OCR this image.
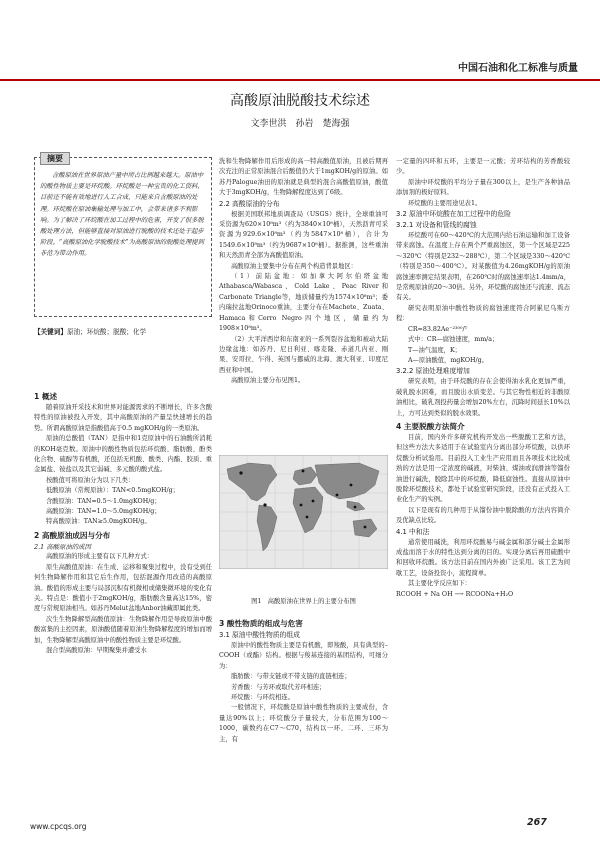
中国石油和化工标准与质量
高酸原油脱酸技术综述
文李世洪　孙岩　楚海强
摘要
含酸原油在世界原油产量中所占比例越来越大。原油中的酸性物质主要是环烷酸。环烷酸是一种宝贵的化工资料，目前还不能有效地进行人工合成，只能来自含酸原油的处理。环烷酸在原油集输处理与加工中，会带来诸多不利影响。为了解决了环烷酸在加工过程中的危害，开发了很多脱酸处理方法，但能够直接对原油进行脱酸的技术还处于起步阶段。“高酸原油化学脱酸技术”为高酸原油的脱酸处理提到非范为带动作用。
【关键词】原油；环烷酸；脱酸；化学
1 概述

随着原油开采技术和世界对能源需求的不断增长，许多含酸特性的原油被投入开发，其中高酸原油的产量呈快速增长的趋势。所谓高酸原油是指酸值高于0.5 mgKOH/g的一类原油。

原油的总酸值（TAN）是指中和1克原油中的石油酸所消耗的KOH毫克数。原油中的酸性物质包括环烷酸、脂肪酸、酚类化合物、硫醇等有机酸，还包括无机酸、酸类、内酯、胶质、重金属盐、铵盐以及其它弱碱、多元酸的酸式盐。

按酸值可将原油分为以下几类：

低酸原油（常规原油）：TAN<0.5mgKOH/g；

含酸原油：TAN=0.5～1.0mgKOH/g；

高酸原油：TAN=1.0～5.0mgKOH/g；

特高酸原油：TAN≥5.0mgKOH/g。

2 高酸原油成因与分布
2.1 高酸原油的成因

高酸原油的形成主要有以下几种方式：

原生高酸值原油：在生成、运移和聚集过程中，没有受到任何生物降解作用和其它后生作用，包括混源作用改造的高酸原油。酸值的形成主要与局部沉积有机微相或储集微环境的变化有关。特点是：酸值小于2mgKOH/g，脂肪酸含量高达15%，密度与常规原油相当。如苏丹Melut盆地Anbor油藏即属此类。

次生生物降解型高酸值原油：生物降解作用是导致原油中酸酸富集的主控因素，原油酸值随着原油生物降解程度的增加而增加，生物降解型高酸原油中的酸性物质主要是环烷酸。

混合型高酸原油：早期聚集并遭受水

洗和生物降解作用后形成的高一特高酸值原油，且被后期再次充注的正常原油混合后酸值仍大于1mgKOH/g的原油。如苏丹Palogue油田的原油就是典型的混合高酸值原油，酸值大于3mgKOH/g，生物降解程度达到了6级。

2.2 高酸原油的分布

根据美国联邦地质调查局（USGS）统计，全球重油可采资源为620×10⁸m³（约为3840×10⁸桶），天然沥青可采资源为929.6×10⁸m³（约为5847×10⁸桶），合计为1549.6×10⁸m³（约为9687×10⁸桶）。据推测，这些重油和天然沥青全部为高酸值原油。

高酸原油主要集中分布在两个构造背景地区：

（1）前陆盆地：如加拿大阿尔伯塔盆地Athabasca/Wabasca、Cold Lake、Peac River和Carbonate Triangle等，地质储量约为1574×10⁸m³；委内瑞拉盆地Orinoco重油，主要分布在Machete、Zuata、Hamaca和Cerro Negro四个地区，储量约为1908×10⁸m³。

（2）大平洋西岸和东南亚的一系列裂谷盆地和被动大陆边缘盆地：如苏丹、尼日利亚、喀麦隆、赤道几内亚、刚果、安哥拉、乍得、英国与挪威的北海、澳大利亚、印度尼西亚和中国。

高酸原油主要分布见图1。

图1　高酸原油在世界上的主要分布图
3 酸性物质的组成与危害
3.1 原油中酸性物质的组成

原油中的酸性物质主要是有机酸，即羧酸，具有典型的–COOH（或酯）结构。根据与羧基连接的基团结构，可细分为：

脂肪酸：与带支链或不带支链的直链相连；

芳香酸：与芳环或取代芳环相连；

环烷酸：与环烷相连。

一般情况下，环烷酸是原油中酸性物质的主要成份，含量达90%以上；环烷酸分子量较大，分布范围为100～1000，碳数约在C7～C70，结构以一环、二环、三环为主，有

一定量的四环和五环，主要是一元酸；芳环结构的芳香酸较少。

原油中环烷酸的平均分子量在300以上，是生产各种油品添加剂的极好原料。

环烷酸的主要用途见表1。

3.2 原油中环烷酸在加工过程中的危险
3.2.1 对设备和管线的腐蚀

环烷酸可在60～420℃的大范围内给石油运输和加工设备带来腐蚀。在温度上存在两个严重腐蚀区，第一个区域是225～320℃（特别是232～288℃），第二个区域是330～420℃（特别是350～400℃）。对某酸值为4.26mgKOH/g的原油腐蚀速率测定结果表明，在260℃时的腐蚀速率达1.4mm/a，是常规原油的20～30倍。另外，环烷酸的腐蚀还与流速、流态有关。

研究表明原油中酸性物质的腐蚀速度符合阿累尼乌斯方程：

CR=83.82Ae⁻²³⁰⁰/ᵀ

式中：CR—腐蚀速度，mm/a；

T—油气温度，K；

A—原油酸值，mgKOH/g。

3.2.2 原油处理难度增加

研究表明，由于环烷酸的存在会使得油水乳化更加严重，破乳脱水困难，而且脱出水质变差。与其它物性相近的非酸原油相比，破乳剂投药量会增加20%左右，沉降时间延长10%以上，方可达到类似的脱水效果。

4 主要脱酸方法简介

目前，国内外许多研究机构开发出一些脱酸工艺和方法，但这些方法大多适用于在试验室内分离出部分环烷酸，以供环烷酸分析试验用。目前投入工业生产应用而且各项技术比较成熟的方法是用一定浓度的碱液，对柴油、煤油或润滑油等馏份油进行碱洗，脱除其中的环烷酸，降低腐蚀性。直接从原油中脱除环烷酸技术，都处于试验室研究阶段，还没有正式投入工业化生产的实例。

以下是现有的几种用于从馏份油中脱除酸的方法内容简介及优缺点比较。

4.1 中和法

通常使用碱洗，利用环烷酸易与碱金属和部分碱土金属形成盐而溶于水的特性达到分离的目的。实现分离后再用硫酸中和回收环烷酸。该方法目前在国内外被广泛采用。该工艺为间歇工艺，设备投资小，流程简单。

其主要化学反应如下：

RCOOH + Na OH ⟶ RCOONa+H₂O

www.cpcqs.org	267
